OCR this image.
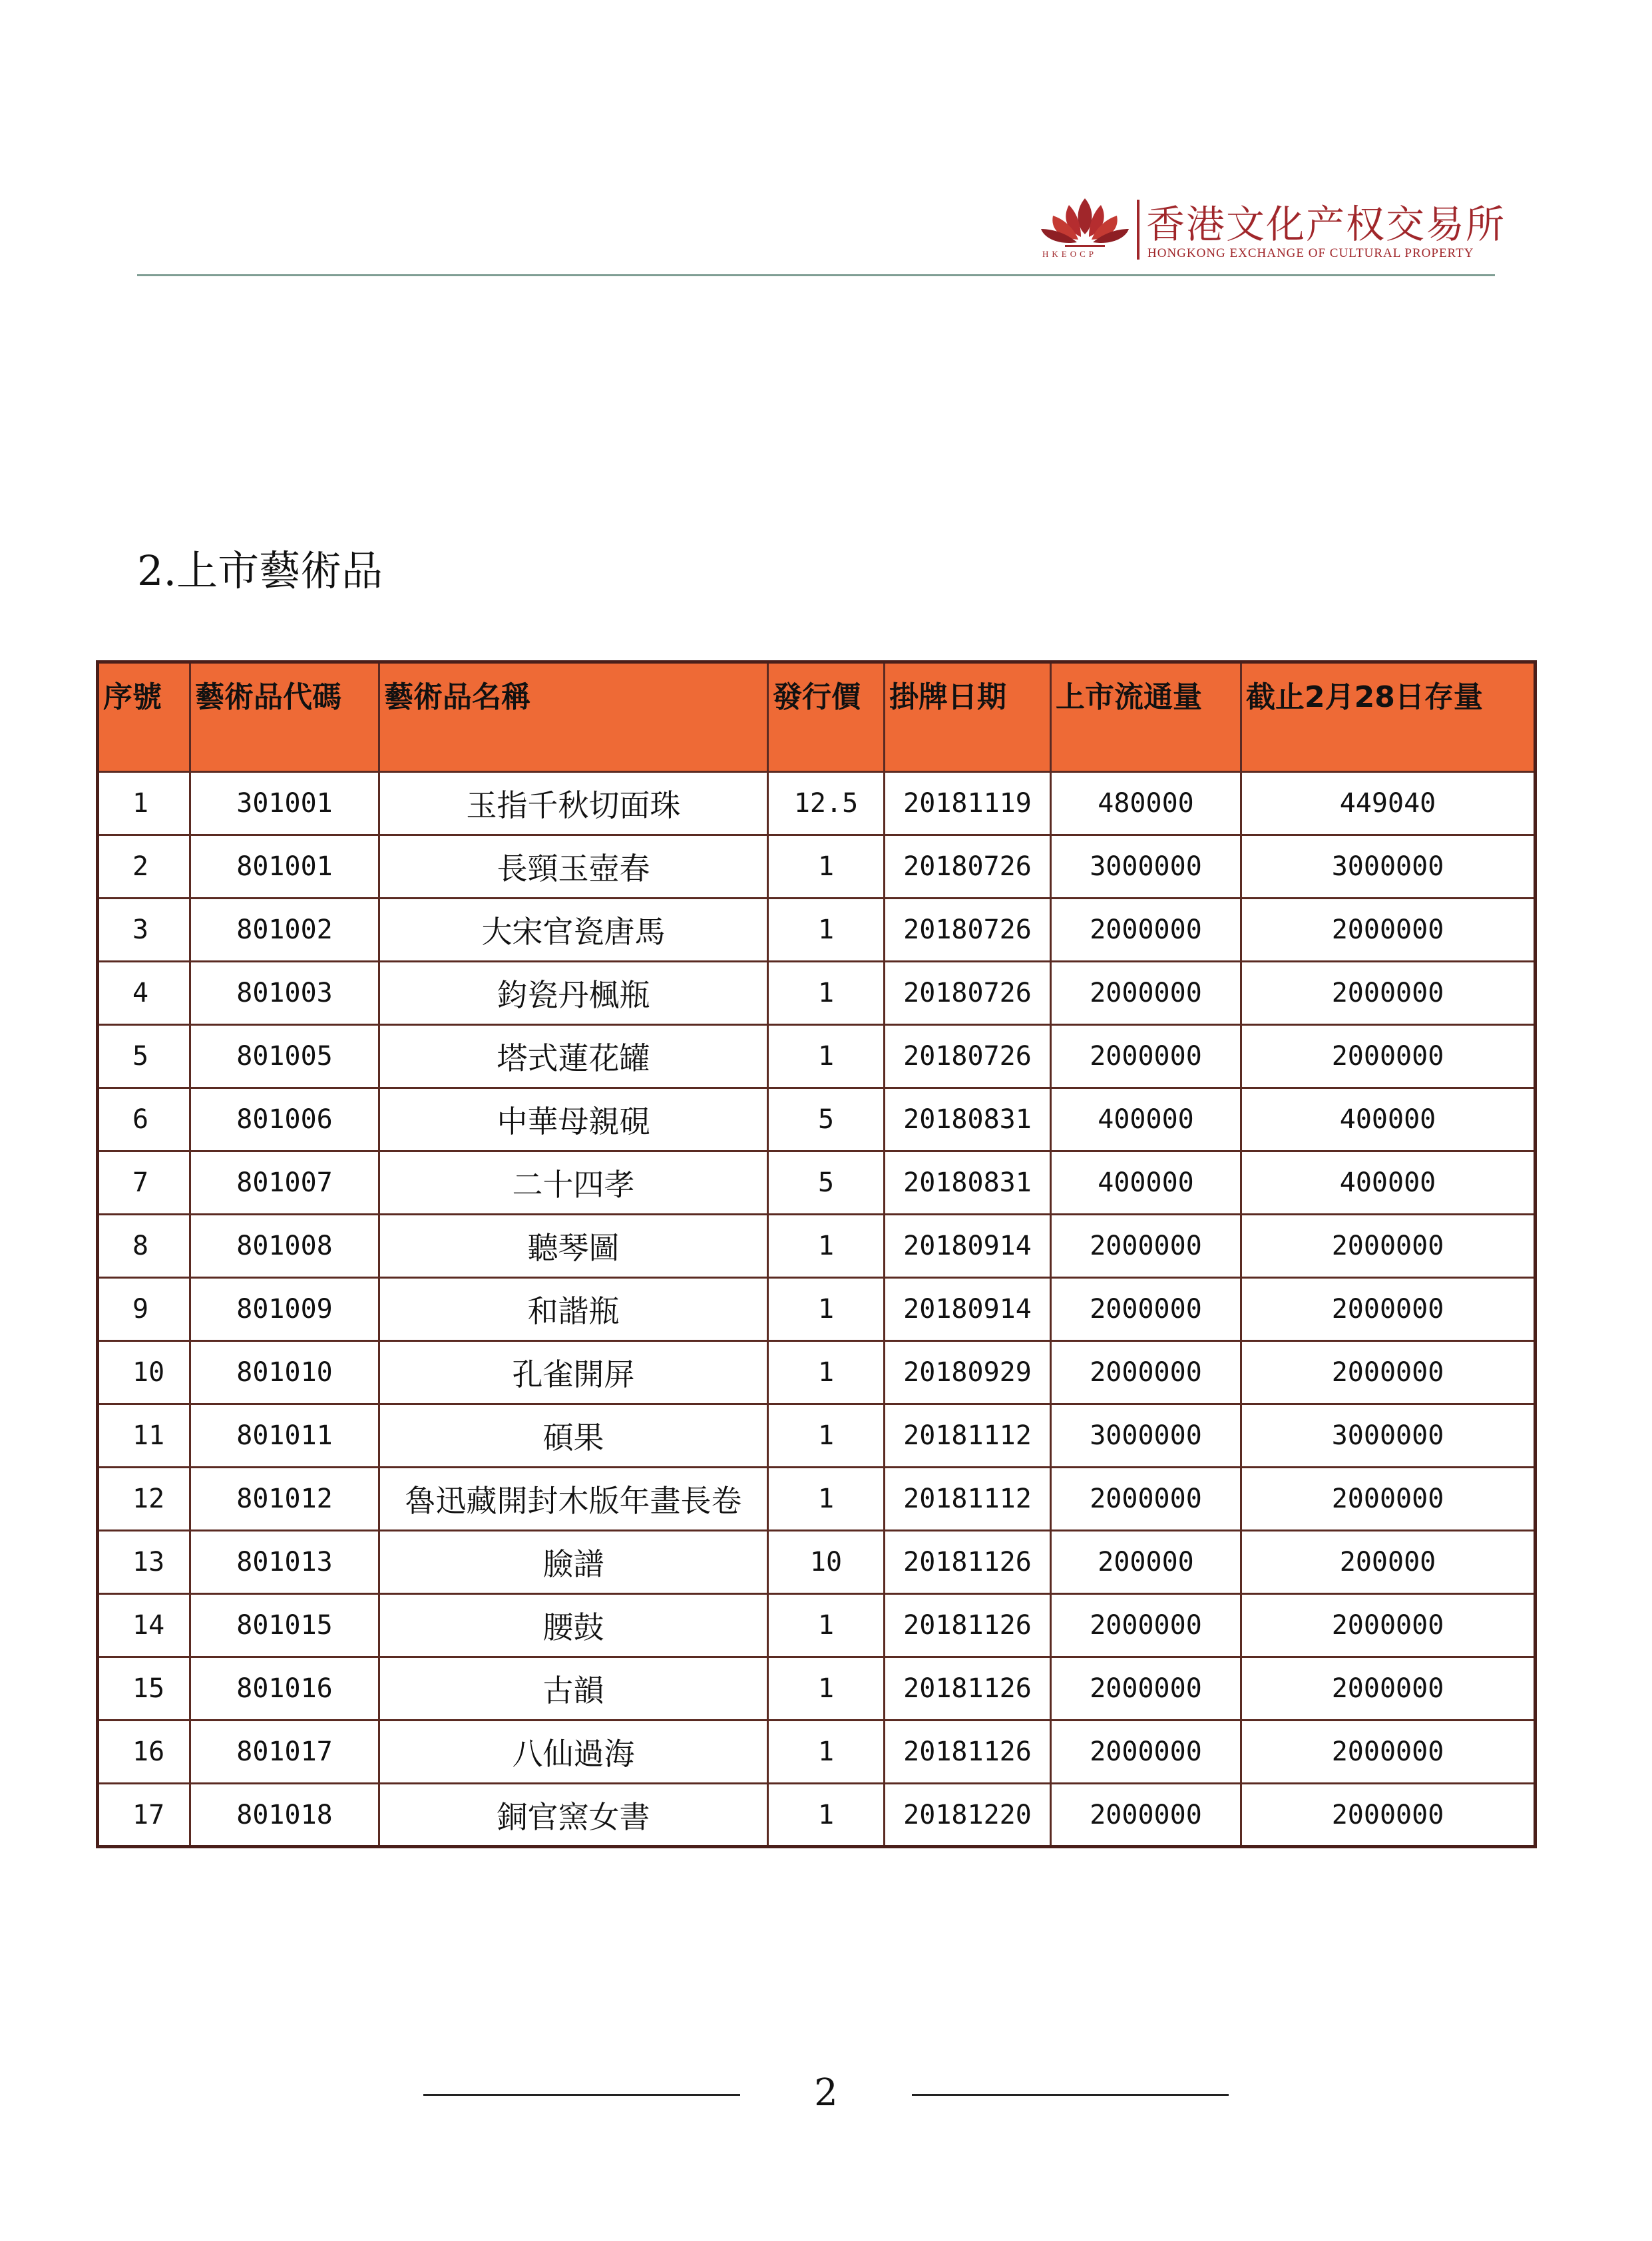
HKEOCP
香港文化产权交易所
HONGKONG EXCHANGE OF CULTURAL PROPERTY
2.上市藝術品
序號	藝術品代碼	藝術品名稱	發行價	掛牌日期	上市流通量	截止2月28日存量
1	301001	玉指千秋切面珠	12.5	20181119	480000	449040
2	801001	長頸玉壺春	1	20180726	3000000	3000000
3	801002	大宋官瓷唐馬	1	20180726	2000000	2000000
4	801003	鈞瓷丹楓瓶	1	20180726	2000000	2000000
5	801005	塔式蓮花罐	1	20180726	2000000	2000000
6	801006	中華母親硯	5	20180831	400000	400000
7	801007	二十四孝	5	20180831	400000	400000
8	801008	聽琴圖	1	20180914	2000000	2000000
9	801009	和諧瓶	1	20180914	2000000	2000000
10	801010	孔雀開屏	1	20180929	2000000	2000000
11	801011	碩果	1	20181112	3000000	3000000
12	801012	魯迅藏開封木版年畫長卷	1	20181112	2000000	2000000
13	801013	臉譜	10	20181126	200000	200000
14	801015	腰鼓	1	20181126	2000000	2000000
15	801016	古韻	1	20181126	2000000	2000000
16	801017	八仙過海	1	20181126	2000000	2000000
17	801018	銅官窯女書	1	20181220	2000000	2000000
2
